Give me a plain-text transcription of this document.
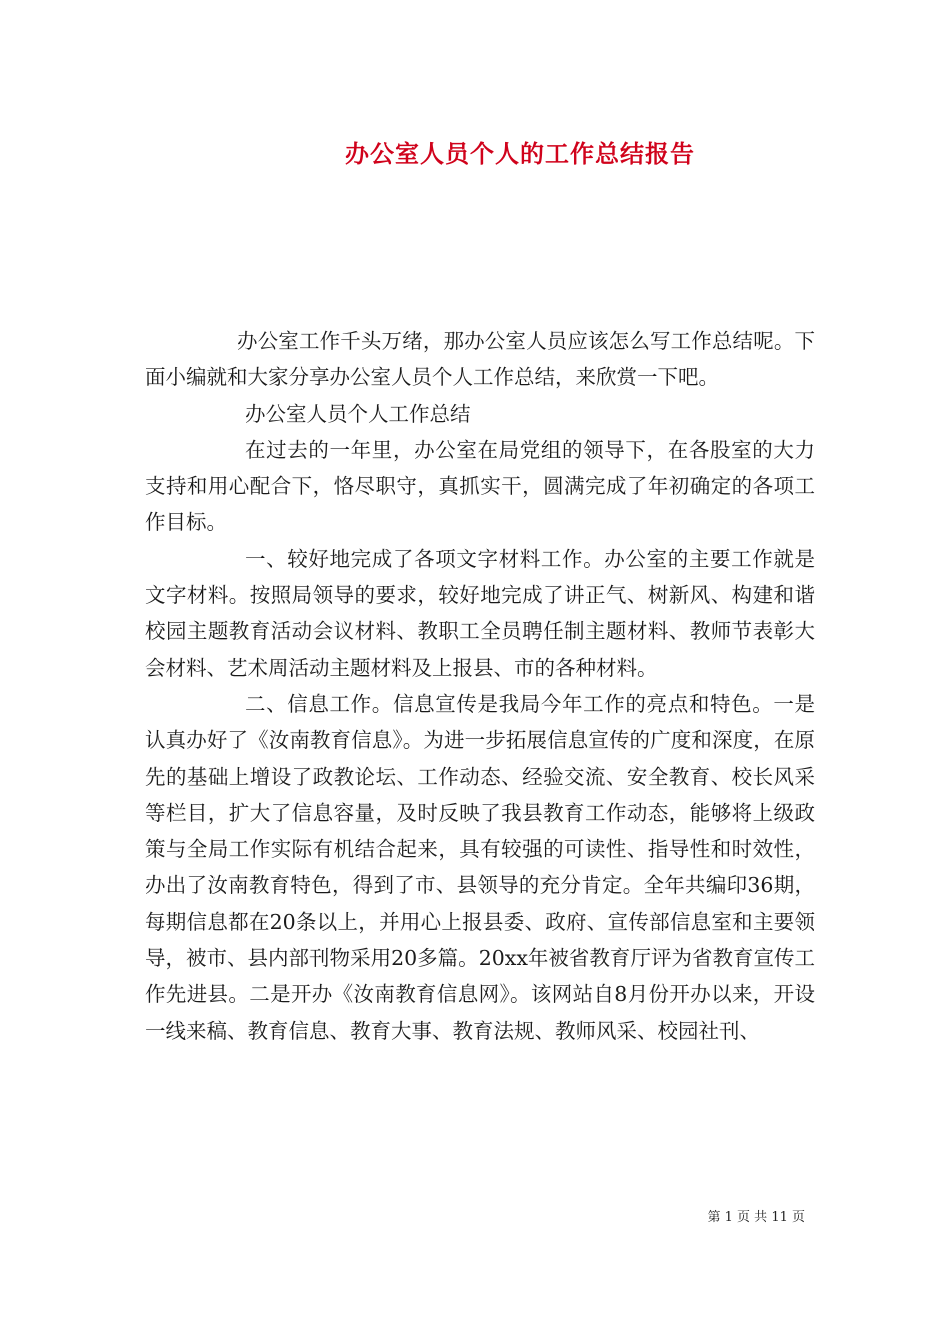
办公室人员个人的工作总结报告

办公室工作千头万绪，那办公室人员应该怎么写工作总结呢。下面小编就和大家分享办公室人员个人工作总结，来欣赏一下吧。

办公室人员个人工作总结

在过去的一年里，办公室在局党组的领导下，在各股室的大力支持和用心配合下，恪尽职守，真抓实干，圆满完成了年初确定的各项工作目标。

一、较好地完成了各项文字材料工作。办公室的主要工作就是文字材料。按照局领导的要求，较好地完成了讲正气、树新风、构建和谐校园主题教育活动会议材料、教职工全员聘任制主题材料、教师节表彰大会材料、艺术周活动主题材料及上报县、市的各种材料。

二、信息工作。信息宣传是我局今年工作的亮点和特色。一是认真办好了《汝南教育信息》。为进一步拓展信息宣传的广度和深度，在原先的基础上增设了政教论坛、工作动态、经验交流、安全教育、校长风采等栏目，扩大了信息容量，及时反映了我县教育工作动态，能够将上级政策与全局工作实际有机结合起来，具有较强的可读性、指导性和时效性，办出了汝南教育特色，得到了市、县领导的充分肯定。全年共编印36期，每期信息都在20条以上，并用心上报县委、政府、宣传部信息室和主要领导，被市、县内部刊物采用20多篇。20xx年被省教育厅评为省教育宣传工作先进县。二是开办《汝南教育信息网》。该网站自8月份开办以来，开设一线来稿、教育信息、教育大事、教育法规、教师风采、校园社刊、

第 1 页 共 11 页
